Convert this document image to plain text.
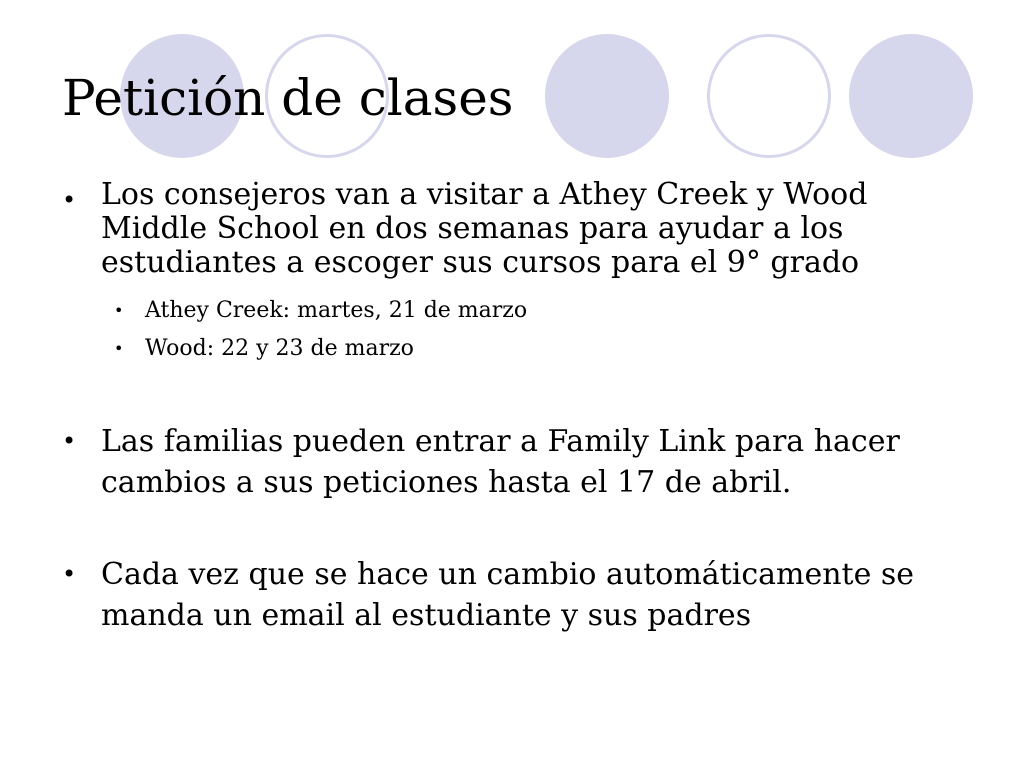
Petición de clases
• Los consejeros van a visitar a Athey Creek y Wood Middle School en dos semanas para ayudar a los estudiantes a escoger sus cursos para el 9° grado
• Athey Creek: martes, 21 de marzo
• Wood: 22 y 23 de marzo
• Las familias pueden entrar a Family Link para hacer cambios a sus peticiones hasta el 17 de abril.
• Cada vez que se hace un cambio automáticamente se manda un email al estudiante y sus padres
